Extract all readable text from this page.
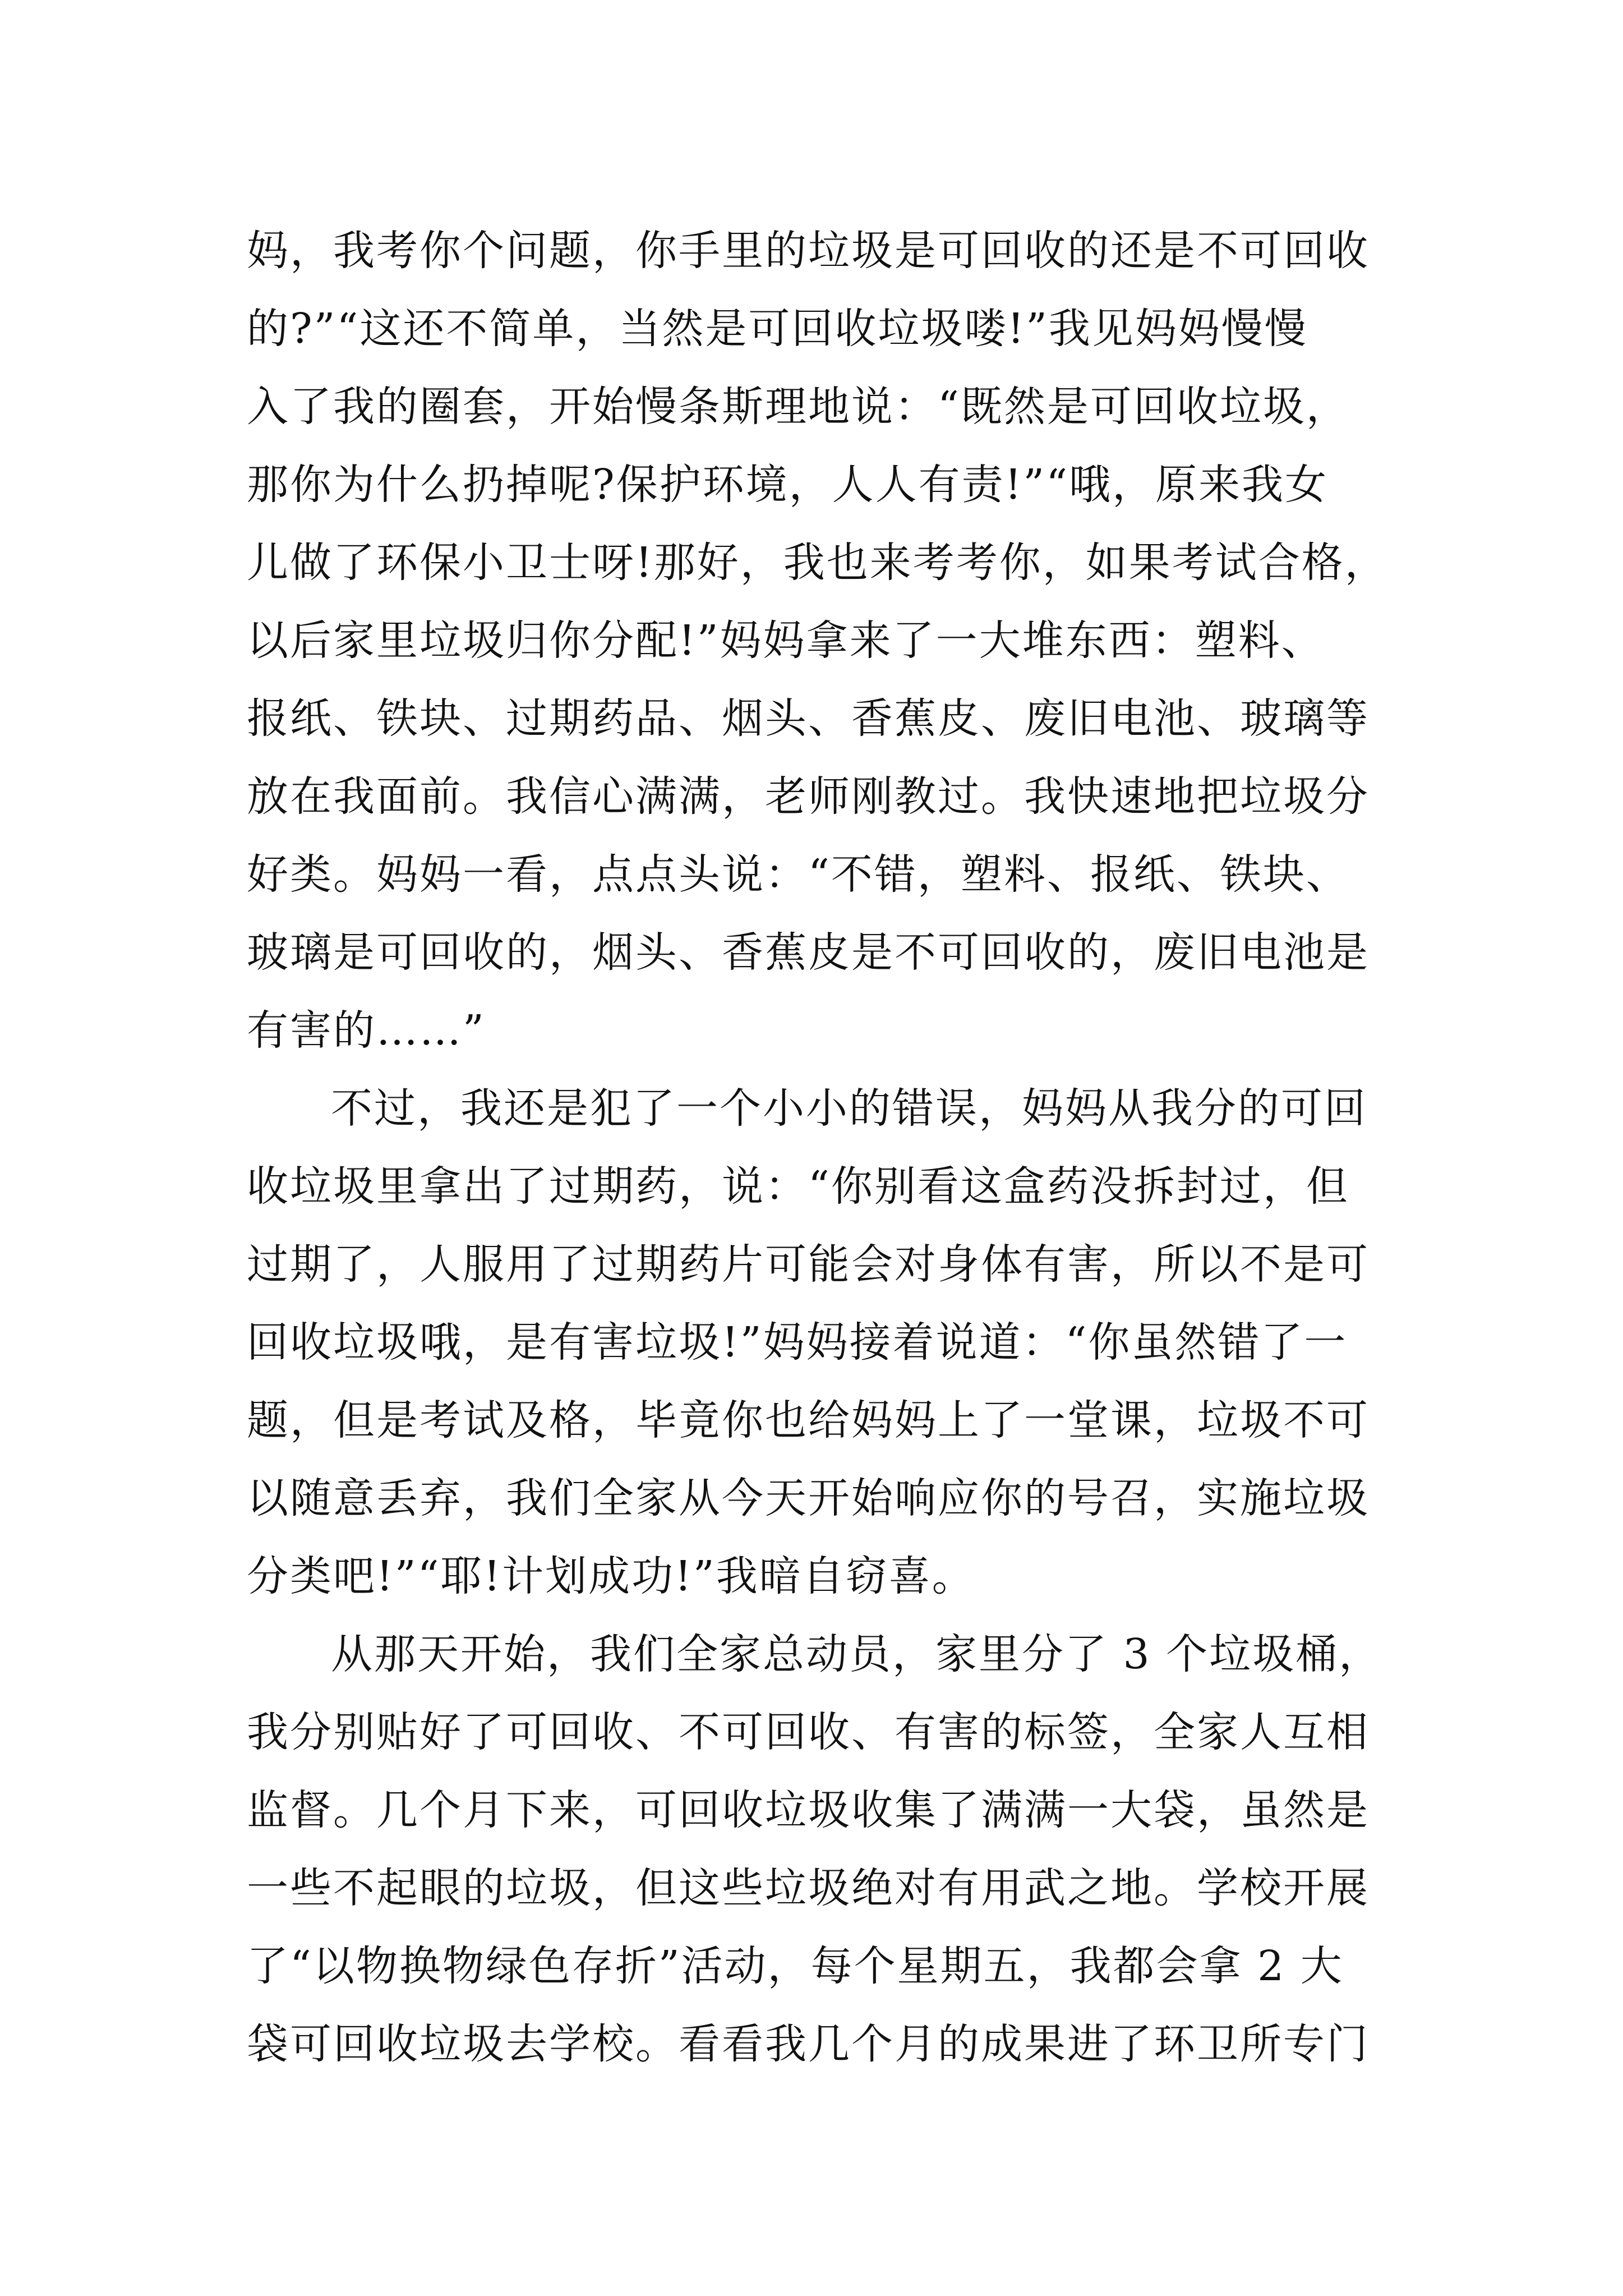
妈，我考你个问题，你手里的垃圾是可回收的还是不可回收
的?”“这还不简单，当然是可回收垃圾喽!”我见妈妈慢慢
入了我的圈套，开始慢条斯理地说：“既然是可回收垃圾，
那你为什么扔掉呢?保护环境，人人有责!”“哦，原来我女
儿做了环保小卫士呀!那好，我也来考考你，如果考试合格，
以后家里垃圾归你分配!”妈妈拿来了一大堆东西：塑料、
报纸、铁块、过期药品、烟头、香蕉皮、废旧电池、玻璃等
放在我面前。我信心满满，老师刚教过。我快速地把垃圾分
好类。妈妈一看，点点头说：“不错，塑料、报纸、铁块、
玻璃是可回收的，烟头、香蕉皮是不可回收的，废旧电池是
有害的……”
不过，我还是犯了一个小小的错误，妈妈从我分的可回
收垃圾里拿出了过期药，说：“你别看这盒药没拆封过，但
过期了，人服用了过期药片可能会对身体有害，所以不是可
回收垃圾哦，是有害垃圾!”妈妈接着说道：“你虽然错了一
题，但是考试及格，毕竟你也给妈妈上了一堂课，垃圾不可
以随意丢弃，我们全家从今天开始响应你的号召，实施垃圾
分类吧!”“耶!计划成功!”我暗自窃喜。
从那天开始，我们全家总动员，家里分了 3 个垃圾桶，
我分别贴好了可回收、不可回收、有害的标签，全家人互相
监督。几个月下来，可回收垃圾收集了满满一大袋，虽然是
一些不起眼的垃圾，但这些垃圾绝对有用武之地。学校开展
了“以物换物绿色存折”活动，每个星期五，我都会拿 2 大
袋可回收垃圾去学校。看看我几个月的成果进了环卫所专门
